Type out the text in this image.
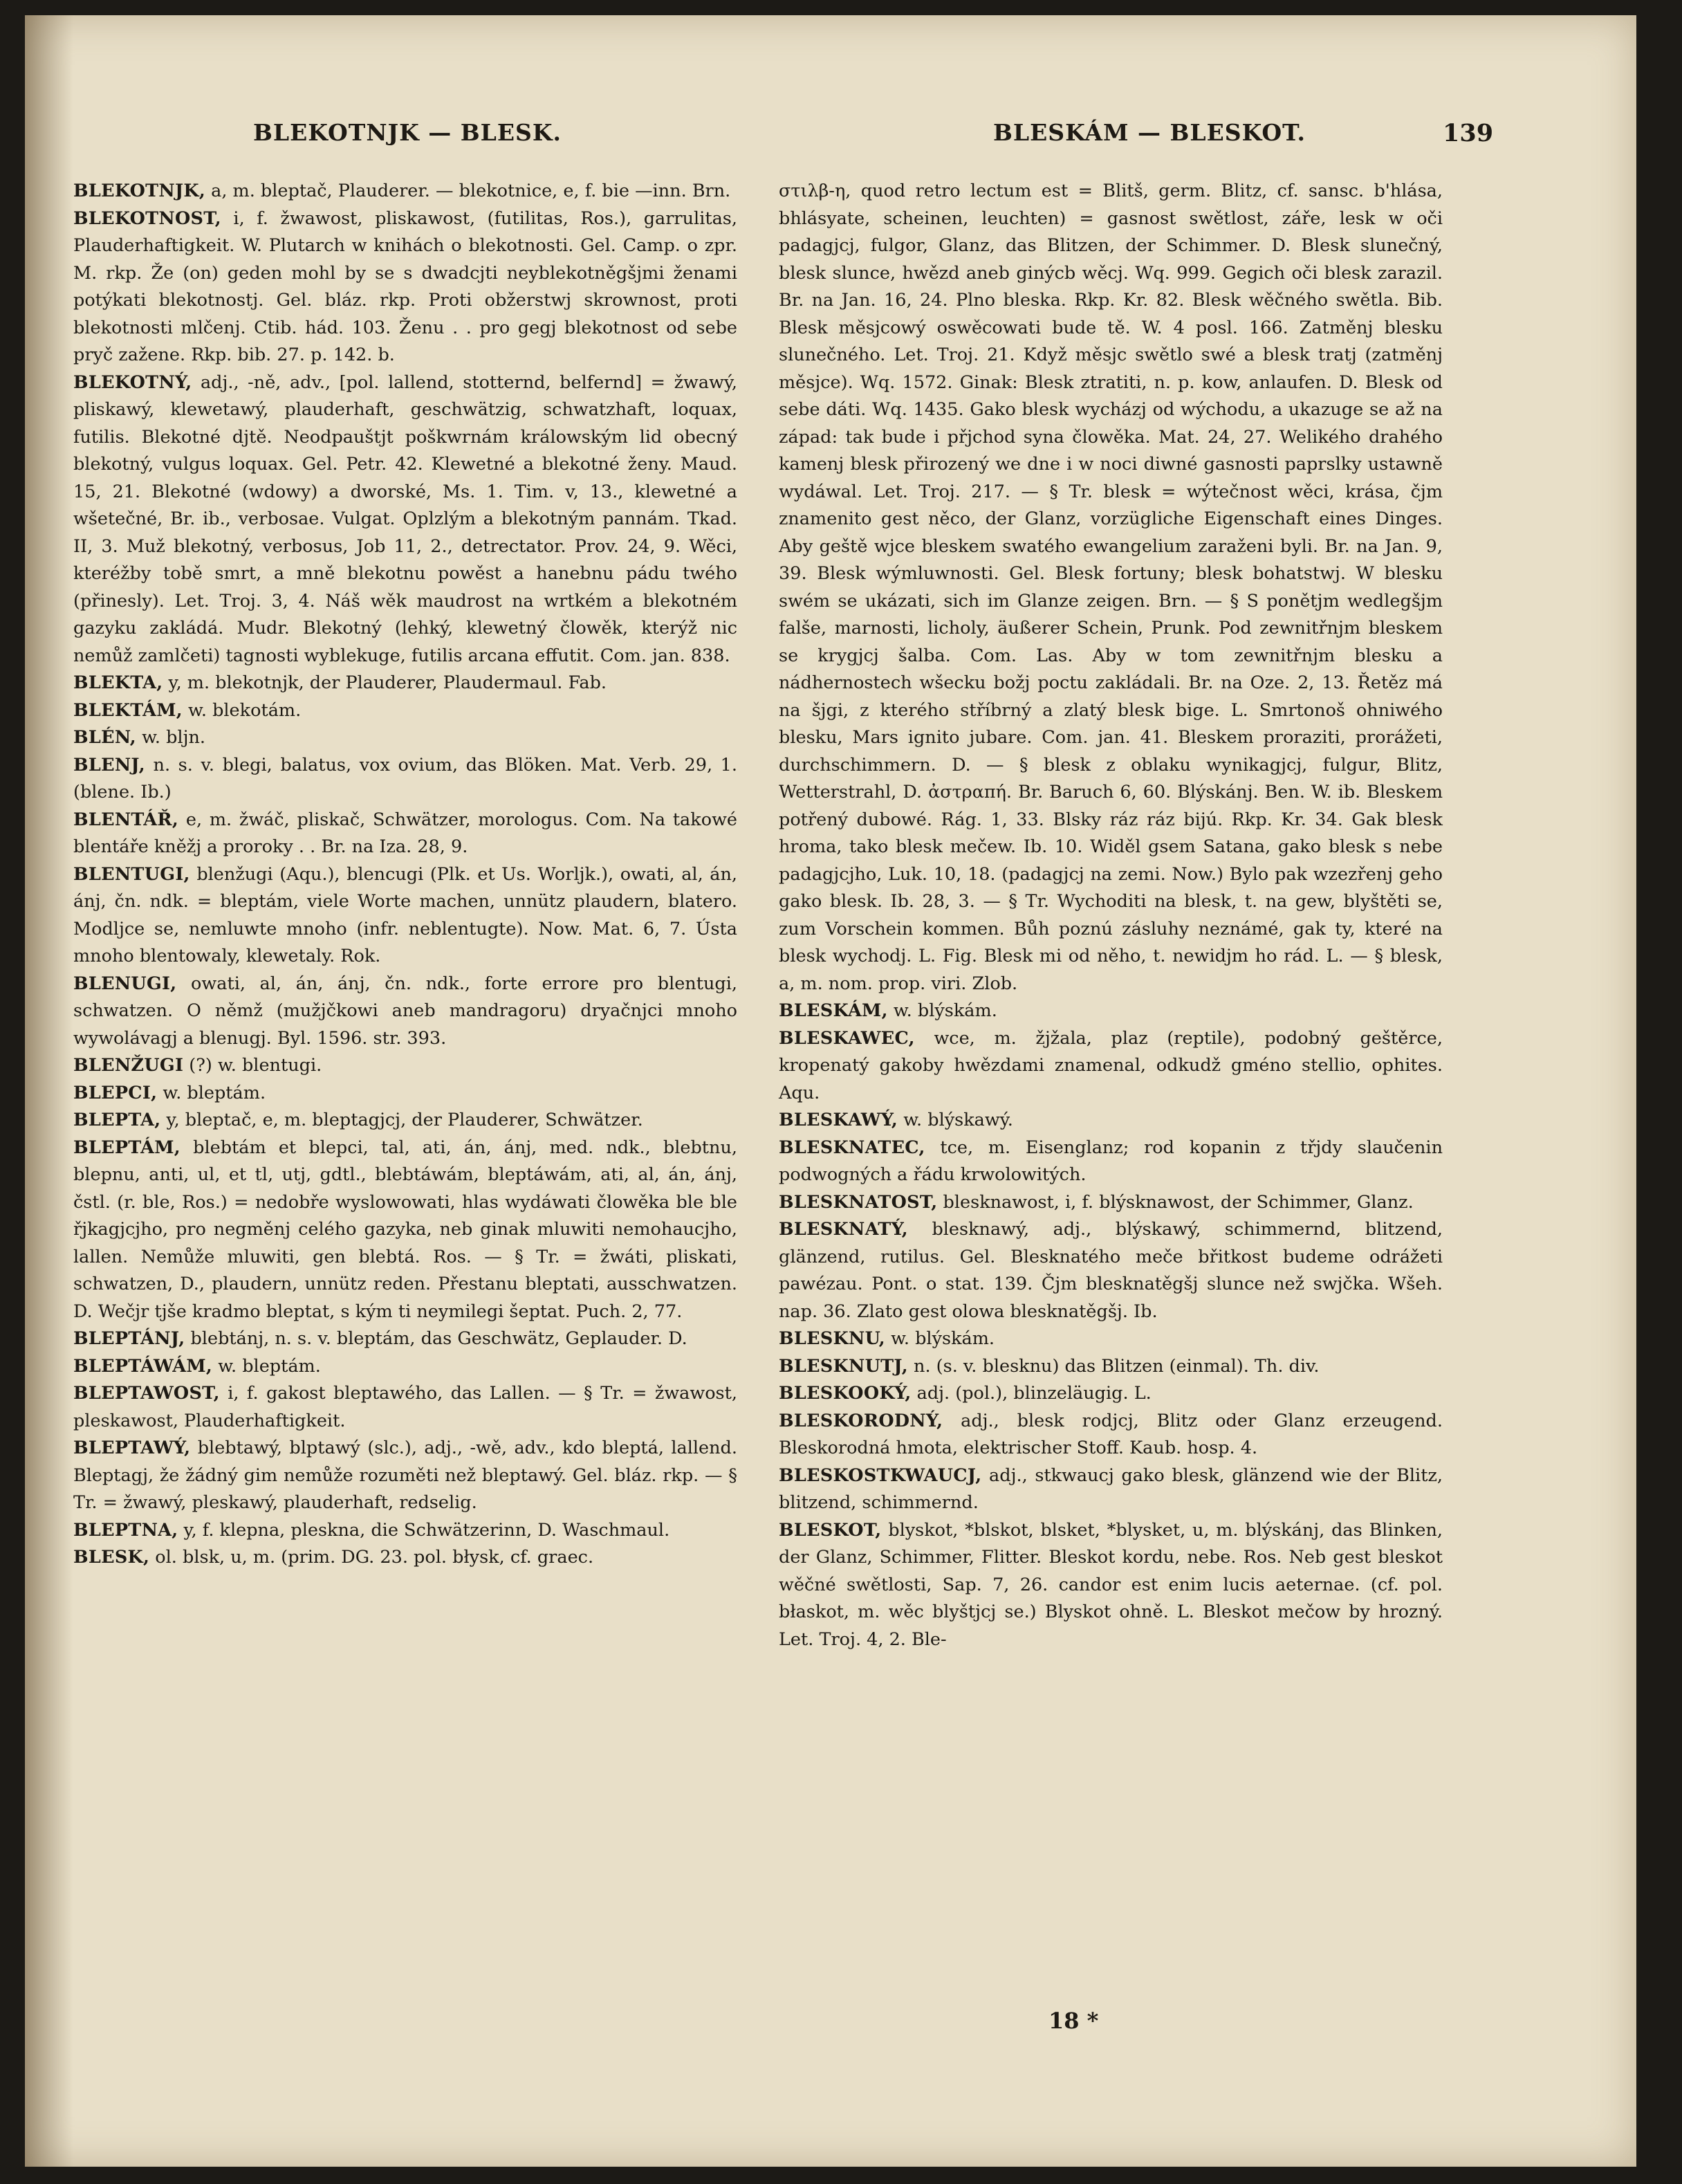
BLEKOTNJK — BLESK.	BLESKÁM — BLESKOT.	139

BLEKOTNJK, a, m. bleptač, Plauderer. — blekotnice, e, f. bie —inn. Brn.

BLEKOTNOST, i, f. žwawost, pliskawost, (futilitas, Ros.), garrulitas, Plauderhaftigkeit. W. Plutarch w knihách o blekotnosti. Gel. Camp. o zpr. M. rkp. Že (on) geden mohl by se s dwadcjti neyblekotněgšjmi ženami potýkati blekotnostj. Gel. bláz. rkp. Proti obžerstwj skrownost, proti blekotnosti mlčenj. Ctib. hád. 103. Ženu . . pro gegj blekotnost od sebe pryč zažene. Rkp. bib. 27. p. 142. b.

BLEKOTNÝ, adj., -ně, adv., [pol. lallend, stotternd, belfernd] = žwawý, pliskawý, klewetawý, plauderhaft, geschwätzig, schwatzhaft, loquax, futilis. Blekotné djtě. Neodpauštjt poškwrnám králowským lid obecný blekotný, vulgus loquax. Gel. Petr. 42. Klewetné a blekotné ženy. Maud. 15, 21. Blekotné (wdowy) a dworské, Ms. 1. Tim. v, 13., klewetné a wšetečné, Br. ib., verbosae. Vulgat. Oplzlým a blekotným pannám. Tkad. II, 3. Muž blekotný, verbosus, Job 11, 2., detrectator. Prov. 24, 9. Wěci, kteréžby tobě smrt, a mně blekotnu powěst a hanebnu pádu twého (přinesly). Let. Troj. 3, 4. Náš wěk maudrost na wrtkém a blekotném gazyku zakládá. Mudr. Blekotný (lehký, klewetný člowěk, kterýž nic nemůž zamlčeti) tagnosti wyblekuge, futilis arcana effutit. Com. jan. 838.

BLEKTA, y, m. blekotnjk, der Plauderer, Plaudermaul. Fab.

BLEKTÁM, w. blekotám.

BLÉN, w. bljn.

BLENJ, n. s. v. blegi, balatus, vox ovium, das Blöken. Mat. Verb. 29, 1. (blene. Ib.)

BLENTÁŘ, e, m. žwáč, pliskač, Schwätzer, morologus. Com. Na takowé blentáře kněžj a proroky . . Br. na Iza. 28, 9.

BLENTUGI, blenžugi (Aqu.), blencugi (Plk. et Us. Worljk.), owati, al, án, ánj, čn. ndk. = bleptám, viele Worte machen, unnütz plaudern, blatero. Modljce se, nemluwte mnoho (infr. neblentugte). Now. Mat. 6, 7. Ústa mnoho blentowaly, klewetaly. Rok.

BLENUGI, owati, al, án, ánj, čn. ndk., forte errore pro blentugi, schwatzen. O němž (mužjčkowi aneb mandragoru) dryačnjci mnoho wywolávagj a blenugj. Byl. 1596. str. 393.

BLENŽUGI (?) w. blentugi.

BLEPCI, w. bleptám.

BLEPTA, y, bleptač, e, m. bleptagjcj, der Plauderer, Schwätzer.

BLEPTÁM, blebtám et blepci, tal, ati, án, ánj, med. ndk., blebtnu, blepnu, anti, ul, et tl, utj, gdtl., blebtáwám, bleptáwám, ati, al, án, ánj, čstl. (r. ble, Ros.) = nedobře wyslowowati, hlas wydáwati člowěka ble ble řjkagjcjho, pro negměnj celého gazyka, neb ginak mluwiti nemohaucjho, lallen. Nemůže mluwiti, gen blebtá. Ros. — § Tr. = žwáti, pliskati, schwatzen, D., plaudern, unnütz reden. Přestanu bleptati, ausschwatzen. D. Wečjr tjše kradmo bleptat, s kým ti neymilegi šeptat. Puch. 2, 77.

BLEPTÁNJ, blebtánj, n. s. v. bleptám, das Geschwätz, Geplauder. D.

BLEPTÁWÁM, w. bleptám.

BLEPTAWOST, i, f. gakost bleptawého, das Lallen. — § Tr. = žwawost, pleskawost, Plauderhaftigkeit.

BLEPTAWÝ, blebtawý, blptawý (slc.), adj., -wě, adv., kdo bleptá, lallend. Bleptagj, že žádný gim nemůže rozuměti než bleptawý. Gel. bláz. rkp. — § Tr. = žwawý, pleskawý, plauderhaft, redselig.

BLEPTNA, y, f. klepna, pleskna, die Schwätzerinn, D. Waschmaul.

BLESK, ol. blsk, u, m. (prim. DG. 23. pol. błysk, cf. graec.

στιλβ-η, quod retro lectum est = Blitš, germ. Blitz, cf. sansc. b'hlása, bhlásyate, scheinen, leuchten) = gasnost swětlost, záře, lesk w oči padagjcj, fulgor, Glanz, das Blitzen, der Schimmer. D. Blesk slunečný, blesk slunce, hwězd aneb ginýcb wěcj. Wq. 999. Gegich oči blesk zarazil. Br. na Jan. 16, 24. Plno bleska. Rkp. Kr. 82. Blesk wěčného swětla. Bib. Blesk měsjcowý oswěcowati bude tě. W. 4 posl. 166. Zatměnj blesku slunečného. Let. Troj. 21. Když měsjc swětlo swé a blesk tratj (zatměnj měsjce). Wq. 1572. Ginak: Blesk ztratiti, n. p. kow, anlaufen. D. Blesk od sebe dáti. Wq. 1435. Gako blesk wycházj od wýchodu, a ukazuge se až na západ: tak bude i přjchod syna člowěka. Mat. 24, 27. Welikého drahého kamenj blesk přirozený we dne i w noci diwné gasnosti paprslky ustawně wydáwal. Let. Troj. 217. — § Tr. blesk = wýtečnost wěci, krása, čjm znamenito gest něco, der Glanz, vorzügliche Eigenschaft eines Dinges. Aby geště wjce bleskem swatého ewangelium zaraženi byli. Br. na Jan. 9, 39. Blesk wýmluwnosti. Gel. Blesk fortuny; blesk bohatstwj. W blesku swém se ukázati, sich im Glanze zeigen. Brn. — § S ponětjm wedlegšjm falše, marnosti, licholy, äußerer Schein, Prunk. Pod zewnitřnjm bleskem se krygjcj šalba. Com. Las. Aby w tom zewnitřnjm blesku a nádhernostech wšecku božj poctu zakládali. Br. na Oze. 2, 13. Řetěz má na šjgi, z kterého stříbrný a zlatý blesk bige. L. Smrtonoš ohniwého blesku, Mars ignito jubare. Com. jan. 41. Bleskem proraziti, prorážeti, durchschimmern. D. — § blesk z oblaku wynikagjcj, fulgur, Blitz, Wetterstrahl, D. ἀστραπή. Br. Baruch 6, 60. Blýskánj. Ben. W. ib. Bleskem potřený dubowé. Rág. 1, 33. Blsky ráz ráz bijú. Rkp. Kr. 34. Gak blesk hroma, tako blesk mečew. Ib. 10. Widěl gsem Satana, gako blesk s nebe padagjcjho, Luk. 10, 18. (padagjcj na zemi. Now.) Bylo pak wzezřenj geho gako blesk. Ib. 28, 3. — § Tr. Wychoditi na blesk, t. na gew, blyštěti se, zum Vorschein kommen. Bůh poznú zásluhy neznámé, gak ty, které na blesk wychodj. L. Fig. Blesk mi od něho, t. newidjm ho rád. L. — § blesk, a, m. nom. prop. viri. Zlob.

BLESKÁM, w. blýskám.

BLESKAWEC, wce, m. žjžala, plaz (reptile), podobný geštěrce, kropenatý gakoby hwězdami znamenal, odkudž gméno stellio, ophites. Aqu.

BLESKAWÝ, w. blýskawý.

BLESKNATEC, tce, m. Eisenglanz; rod kopanin z třjdy slaučenin podwogných a řádu krwolowitých.

BLESKNATOST, blesknawost, i, f. blýsknawost, der Schimmer, Glanz.

BLESKNATÝ, blesknawý, adj., blýskawý, schimmernd, blitzend, glänzend, rutilus. Gel. Blesknatého meče břitkost budeme odrážeti pawézau. Pont. o stat. 139. Čjm blesknatěgšj slunce než swjčka. Wšeh. nap. 36. Zlato gest olowa blesknatěgšj. Ib.

BLESKNU, w. blýskám.

BLESKNUTJ, n. (s. v. blesknu) das Blitzen (einmal). Th. div.

BLESKOOKÝ, adj. (pol.), blinzeläugig. L.

BLESKORODNÝ, adj., blesk rodjcj, Blitz oder Glanz erzeugend. Bleskorodná hmota, elektrischer Stoff. Kaub. hosp. 4.

BLESKOSTKWAUCJ, adj., stkwaucj gako blesk, glänzend wie der Blitz, blitzend, schimmernd.

BLESKOT, blyskot, *blskot, blsket, *blysket, u, m. blýskánj, das Blinken, der Glanz, Schimmer, Flitter. Bleskot kordu, nebe. Ros. Neb gest bleskot wěčné swětlosti, Sap. 7, 26. candor est enim lucis aeternae. (cf. pol. błaskot, m. wěc blyštjcj se.) Blyskot ohně. L. Bleskot mečow by hrozný. Let. Troj. 4, 2. Ble-

18 *
